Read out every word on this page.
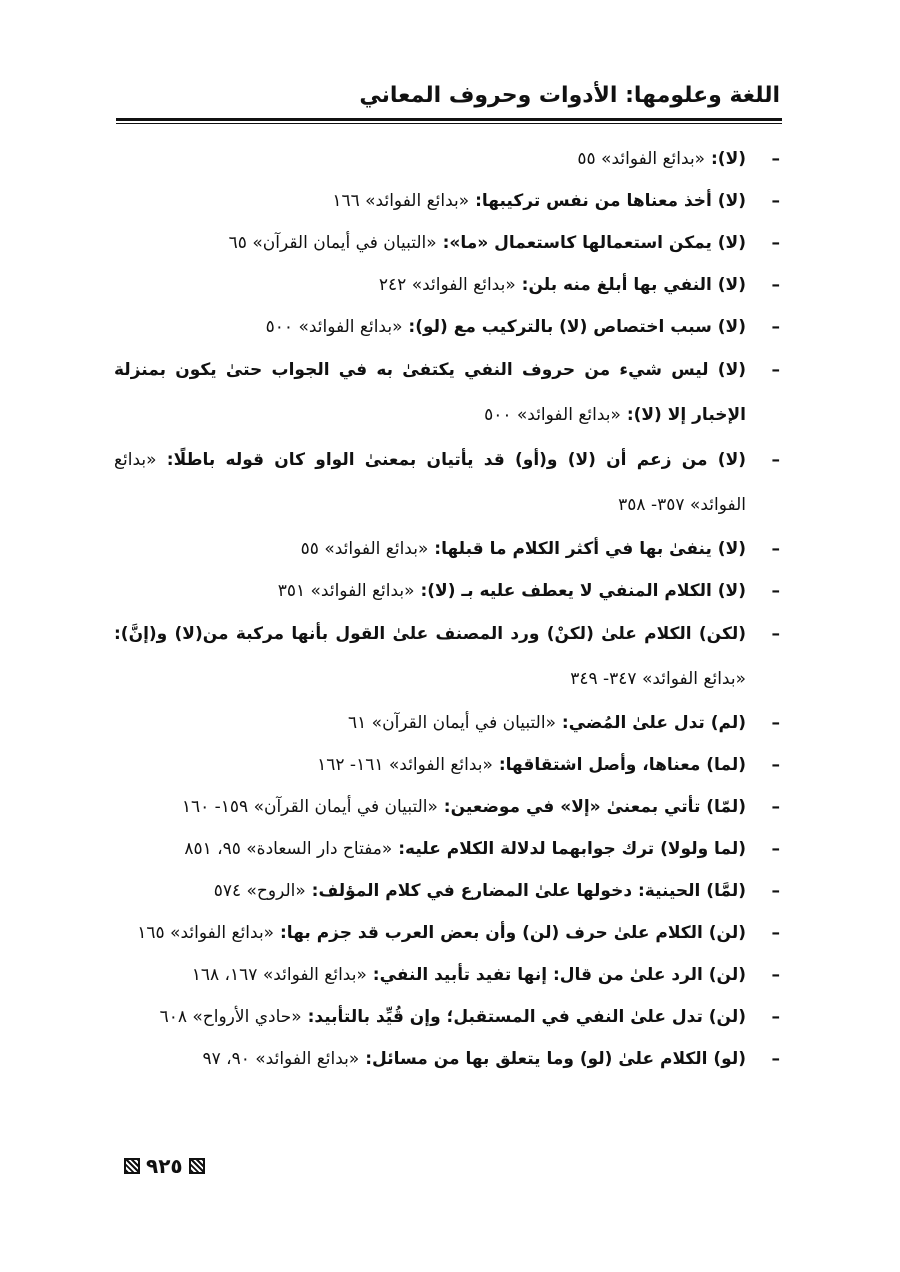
اللغة وعلومها: الأدوات وحروف المعاني
–
(لا): «بدائع الفوائد» ٥٥
–
(لا) أخذ معناها من نفس تركيبها: «بدائع الفوائد» ١٦٦
–
(لا) يمكن استعمالها كاستعمال «ما»: «التبيان في أيمان القرآن» ٦٥
–
(لا) النفي بها أبلغ منه بلن: «بدائع الفوائد» ٢٤٢
–
(لا) سبب اختصاص (لا) بالتركيب مع (لو): «بدائع الفوائد» ٥٠٠
–
(لا) ليس شيء من حروف النفي يكتفىٰ به في الجواب حتىٰ يكون بمنزلة الإخبار إلا (لا): «بدائع الفوائد» ٥٠٠
–
(لا) من زعم أن (لا) و(أو) قد يأتيان بمعنىٰ الواو كان قوله باطلًا: «بدائع الفوائد» ٣٥٧- ٣٥٨
–
(لا) ينفىٰ بها في أكثر الكلام ما قبلها: «بدائع الفوائد» ٥٥
–
(لا) الكلام المنفي لا يعطف عليه بـ (لا): «بدائع الفوائد» ٣٥١
–
(لكن) الكلام علىٰ (لكنْ) ورد المصنف علىٰ القول بأنها مركبة من(لا) و(إنَّ): «بدائع الفوائد» ٣٤٧- ٣٤٩
–
(لم) تدل علىٰ المُضي: «التبيان في أيمان القرآن» ٦١
–
(لما) معناها، وأصل اشتقاقها: «بدائع الفوائد» ١٦١- ١٦٢
–
(لمّا) تأتي بمعنىٰ «إلا» في موضعين: «التبيان في أيمان القرآن» ١٥٩- ١٦٠
–
(لما ولولا) ترك جوابهما لدلالة الكلام عليه: «مفتاح دار السعادة» ٩٥، ٨٥١
–
(لمَّا) الحينية: دخولها علىٰ المضارع في كلام المؤلف: «الروح» ٥٧٤
–
(لن) الكلام علىٰ حرف (لن) وأن بعض العرب قد جزم بها: «بدائع الفوائد» ١٦٥
–
(لن) الرد علىٰ من قال: إنها تفيد تأبيد النفي: «بدائع الفوائد» ١٦٧، ١٦٨
–
(لن) تدل علىٰ النفي في المستقبل؛ وإن قُيِّد بالتأبيد: «حادي الأرواح» ٦٠٨
–
(لو) الكلام علىٰ (لو) وما يتعلق بها من مسائل: «بدائع الفوائد» ٩٠، ٩٧
٩٢٥
